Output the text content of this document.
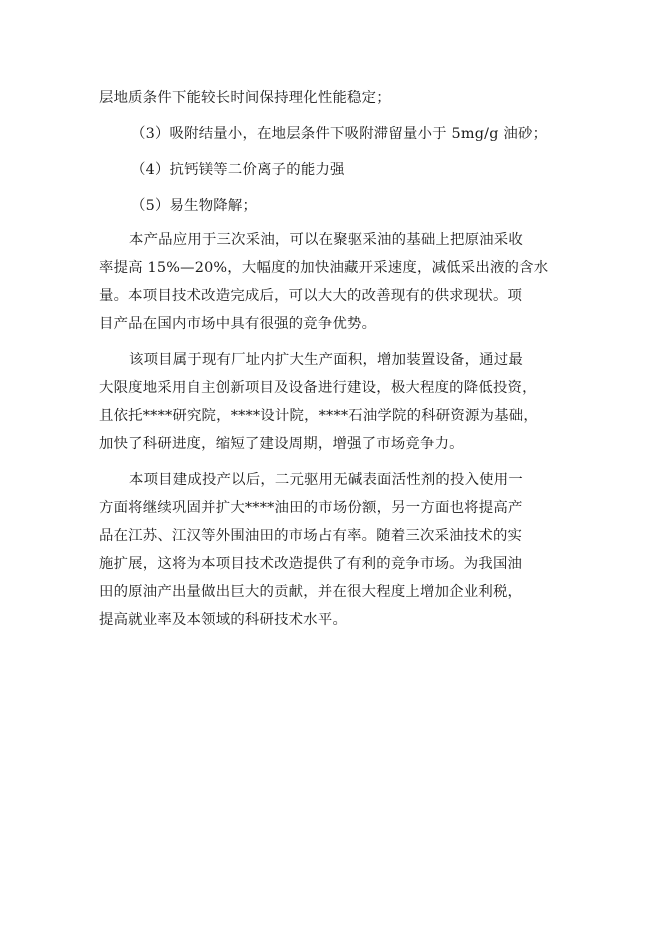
层地质条件下能较长时间保持理化性能稳定；
（3）吸附结量小，在地层条件下吸附滞留量小于 5mg/g 油砂；
（4）抗钙镁等二价离子的能力强
（5）易生物降解；
本产品应用于三次采油，可以在聚驱采油的基础上把原油采收
率提高 15%—20%，大幅度的加快油藏开采速度，减低采出液的含水
量。本项目技术改造完成后，可以大大的改善现有的供求现状。项
目产品在国内市场中具有很强的竞争优势。
该项目属于现有厂址内扩大生产面积，增加装置设备，通过最
大限度地采用自主创新项目及设备进行建设，极大程度的降低投资，
且依托****研究院，****设计院，****石油学院的科研资源为基础，
加快了科研进度，缩短了建设周期，增强了市场竞争力。
本项目建成投产以后，二元驱用无碱表面活性剂的投入使用一
方面将继续巩固并扩大****油田的市场份额，另一方面也将提高产
品在江苏、江汉等外围油田的市场占有率。随着三次采油技术的实
施扩展，这将为本项目技术改造提供了有利的竞争市场。为我国油
田的原油产出量做出巨大的贡献，并在很大程度上增加企业利税，
提高就业率及本领域的科研技术水平。
